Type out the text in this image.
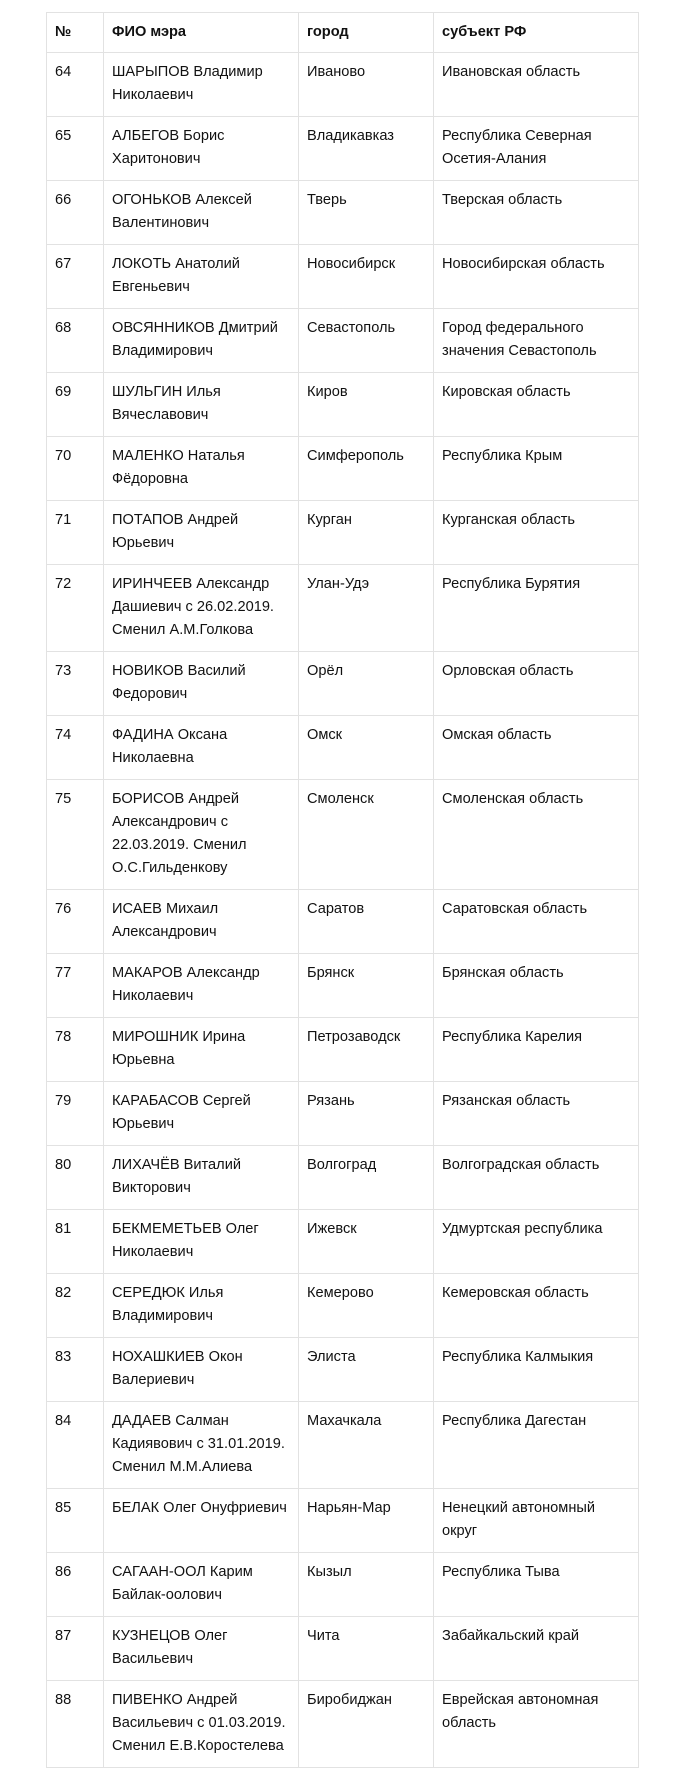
№	ФИО мэра	город	субъект РФ
64	ШАРЫПОВ Владимир Николаевич	Иваново	Ивановская область
65	АЛБЕГОВ Борис Харитонович	Владикавказ	Республика Северная Осетия-Алания
66	ОГОНЬКОВ Алексей Валентинович	Тверь	Тверская область
67	ЛОКОТЬ Анатолий Евгеньевич	Новосибирск	Новосибирская область
68	ОВСЯННИКОВ Дмитрий Владимирович	Севастополь	Город федерального значения Севастополь
69	ШУЛЬГИН Илья Вячеславович	Киров	Кировская область
70	МАЛЕНКО Наталья Фёдоровна	Симферополь	Республика Крым
71	ПОТАПОВ Андрей Юрьевич	Курган	Курганская область
72	ИРИНЧЕЕВ Александр Дашиевич с 26.02.2019. Сменил А.М.Голкова	Улан-Удэ	Республика Бурятия
73	НОВИКОВ Василий Федорович	Орёл	Орловская область
74	ФАДИНА Оксана Николаевна	Омск	Омская область
75	БОРИСОВ Андрей Александрович с 22.03.2019. Сменил О.С.Гильденкову	Смоленск	Смоленская область
76	ИСАЕВ Михаил Александрович	Саратов	Саратовская область
77	МАКАРОВ Александр Николаевич	Брянск	Брянская область
78	МИРОШНИК Ирина Юрьевна	Петрозаводск	Республика Карелия
79	КАРАБАСОВ Сергей Юрьевич	Рязань	Рязанская область
80	ЛИХАЧЁВ Виталий Викторович	Волгоград	Волгоградская область
81	БЕКМЕМЕТЬЕВ Олег Николаевич	Ижевск	Удмуртская республика
82	СЕРЕДЮК Илья Владимирович	Кемерово	Кемеровская область
83	НОХАШКИЕВ Окон Валериевич	Элиста	Республика Калмыкия
84	ДАДАЕВ Салман Кадиявович с 31.01.2019. Сменил М.М.Алиева	Махачкала	Республика Дагестан
85	БЕЛАК Олег Онуфриевич	Нарьян-Мар	Ненецкий автономный округ
86	САГААН-ООЛ Карим Байлак-оолович	Кызыл	Республика Тыва
87	КУЗНЕЦОВ Олег Васильевич	Чита	Забайкальский край
88	ПИВЕНКО Андрей Васильевич с 01.03.2019. Сменил Е.В.Коростелева	Биробиджан	Еврейская автономная область
